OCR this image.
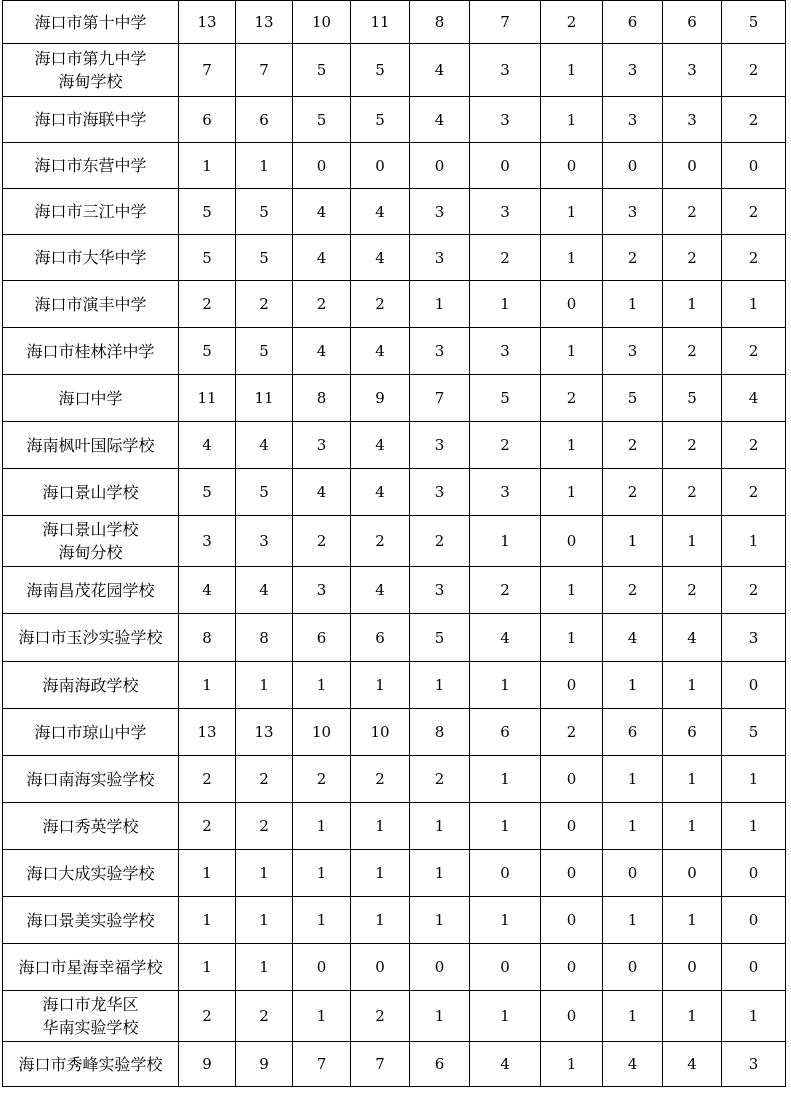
海口市第十中学	13	13	10	11	8	7	2	6	6	5
海口市第九中学
海甸学校	7	7	5	5	4	3	1	3	3	2
海口市海联中学	6	6	5	5	4	3	1	3	3	2
海口市东营中学	1	1	0	0	0	0	0	0	0	0
海口市三江中学	5	5	4	4	3	3	1	3	2	2
海口市大华中学	5	5	4	4	3	2	1	2	2	2
海口市演丰中学	2	2	2	2	1	1	0	1	1	1
海口市桂林洋中学	5	5	4	4	3	3	1	3	2	2
海口中学	11	11	8	9	7	5	2	5	5	4
海南枫叶国际学校	4	4	3	4	3	2	1	2	2	2
海口景山学校	5	5	4	4	3	3	1	2	2	2
海口景山学校
海甸分校	3	3	2	2	2	1	0	1	1	1
海南昌茂花园学校	4	4	3	4	3	2	1	2	2	2
海口市玉沙实验学校	8	8	6	6	5	4	1	4	4	3
海南海政学校	1	1	1	1	1	1	0	1	1	0
海口市琼山中学	13	13	10	10	8	6	2	6	6	5
海口南海实验学校	2	2	2	2	2	1	0	1	1	1
海口秀英学校	2	2	1	1	1	1	0	1	1	1
海口大成实验学校	1	1	1	1	1	0	0	0	0	0
海口景美实验学校	1	1	1	1	1	1	0	1	1	0
海口市星海幸福学校	1	1	0	0	0	0	0	0	0	0
海口市龙华区
华南实验学校	2	2	1	2	1	1	0	1	1	1
海口市秀峰实验学校	9	9	7	7	6	4	1	4	4	3
